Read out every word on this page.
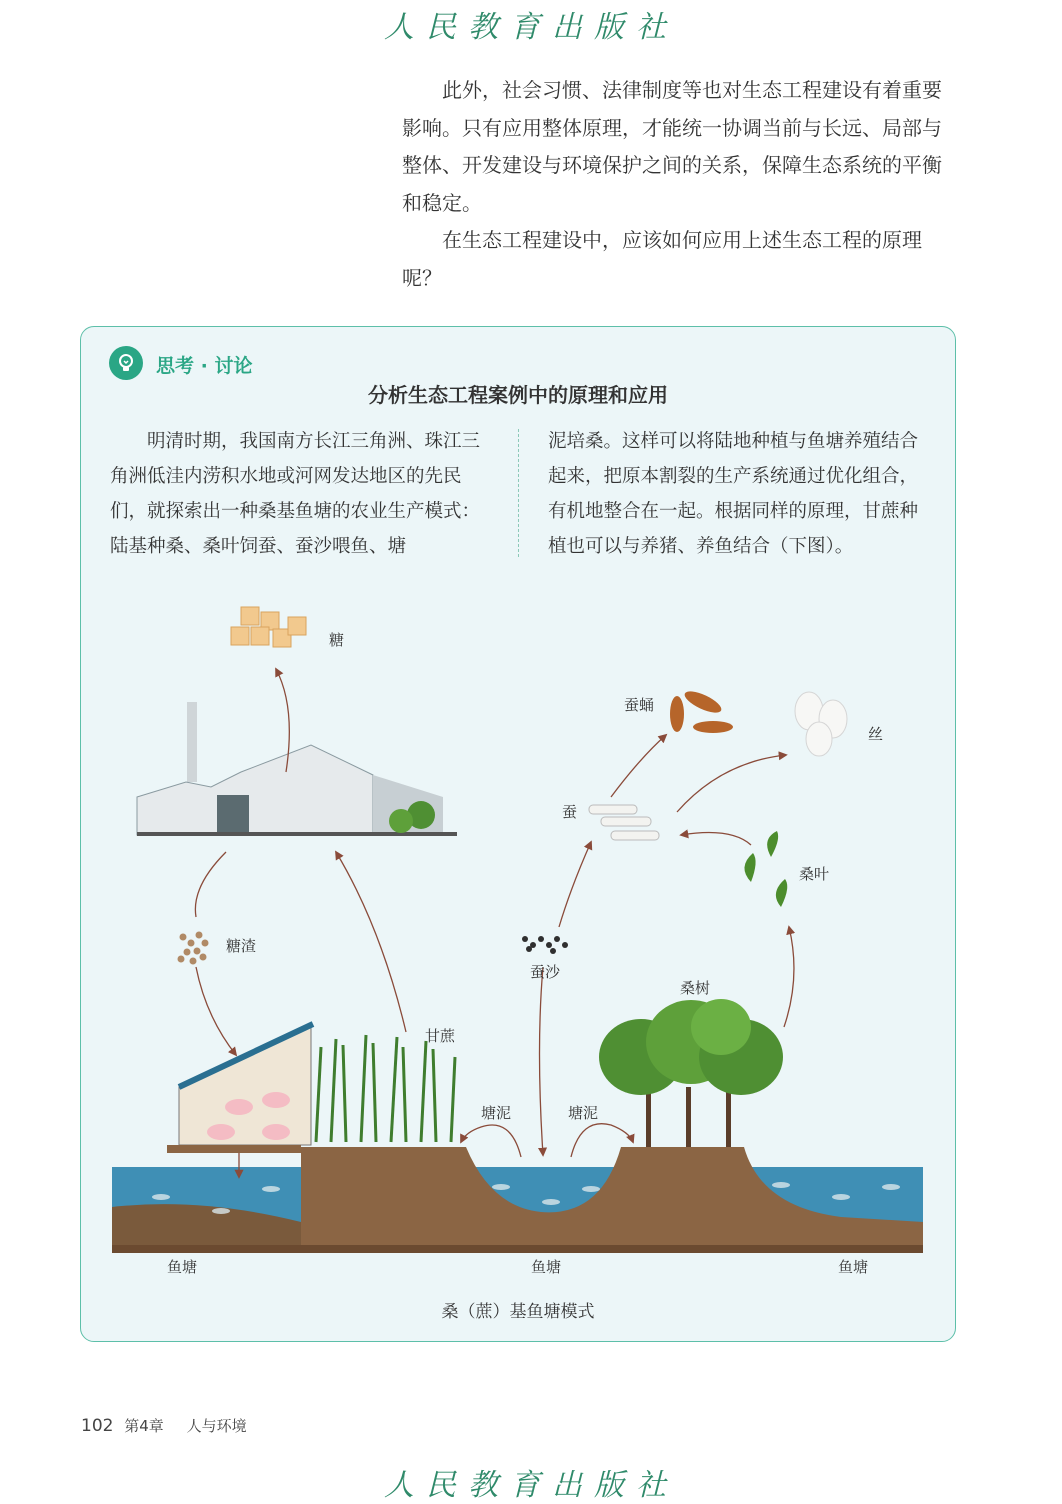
人民教育出版社

此外，社会习惯、法律制度等也对生态工程建设有着重要影响。只有应用整体原理，才能统一协调当前与长远、局部与整体、开发建设与环境保护之间的关系，保障生态系统的平衡和稳定。

在生态工程建设中，应该如何应用上述生态工程的原理呢？

思考 · 讨论
分析生态工程案例中的原理和应用

明清时期，我国南方长江三角洲、珠江三角洲低洼内涝积水地或河网发达地区的先民们，就探索出一种桑基鱼塘的农业生产模式：陆基种桑、桑叶饲蚕、蚕沙喂鱼、塘

泥培桑。这样可以将陆地种植与鱼塘养殖结合起来，把原本割裂的生产系统通过优化组合，有机地整合在一起。根据同样的原理，甘蔗种植也可以与养猪、养鱼结合（下图）。

糖
蚕蛹
丝
蚕
桑叶
糖渣
蚕沙
桑树
甘蔗
塘泥	塘泥
鱼塘	鱼塘	鱼塘
桑（蔗）基鱼塘模式
102 第4章 人与环境
人民教育出版社
